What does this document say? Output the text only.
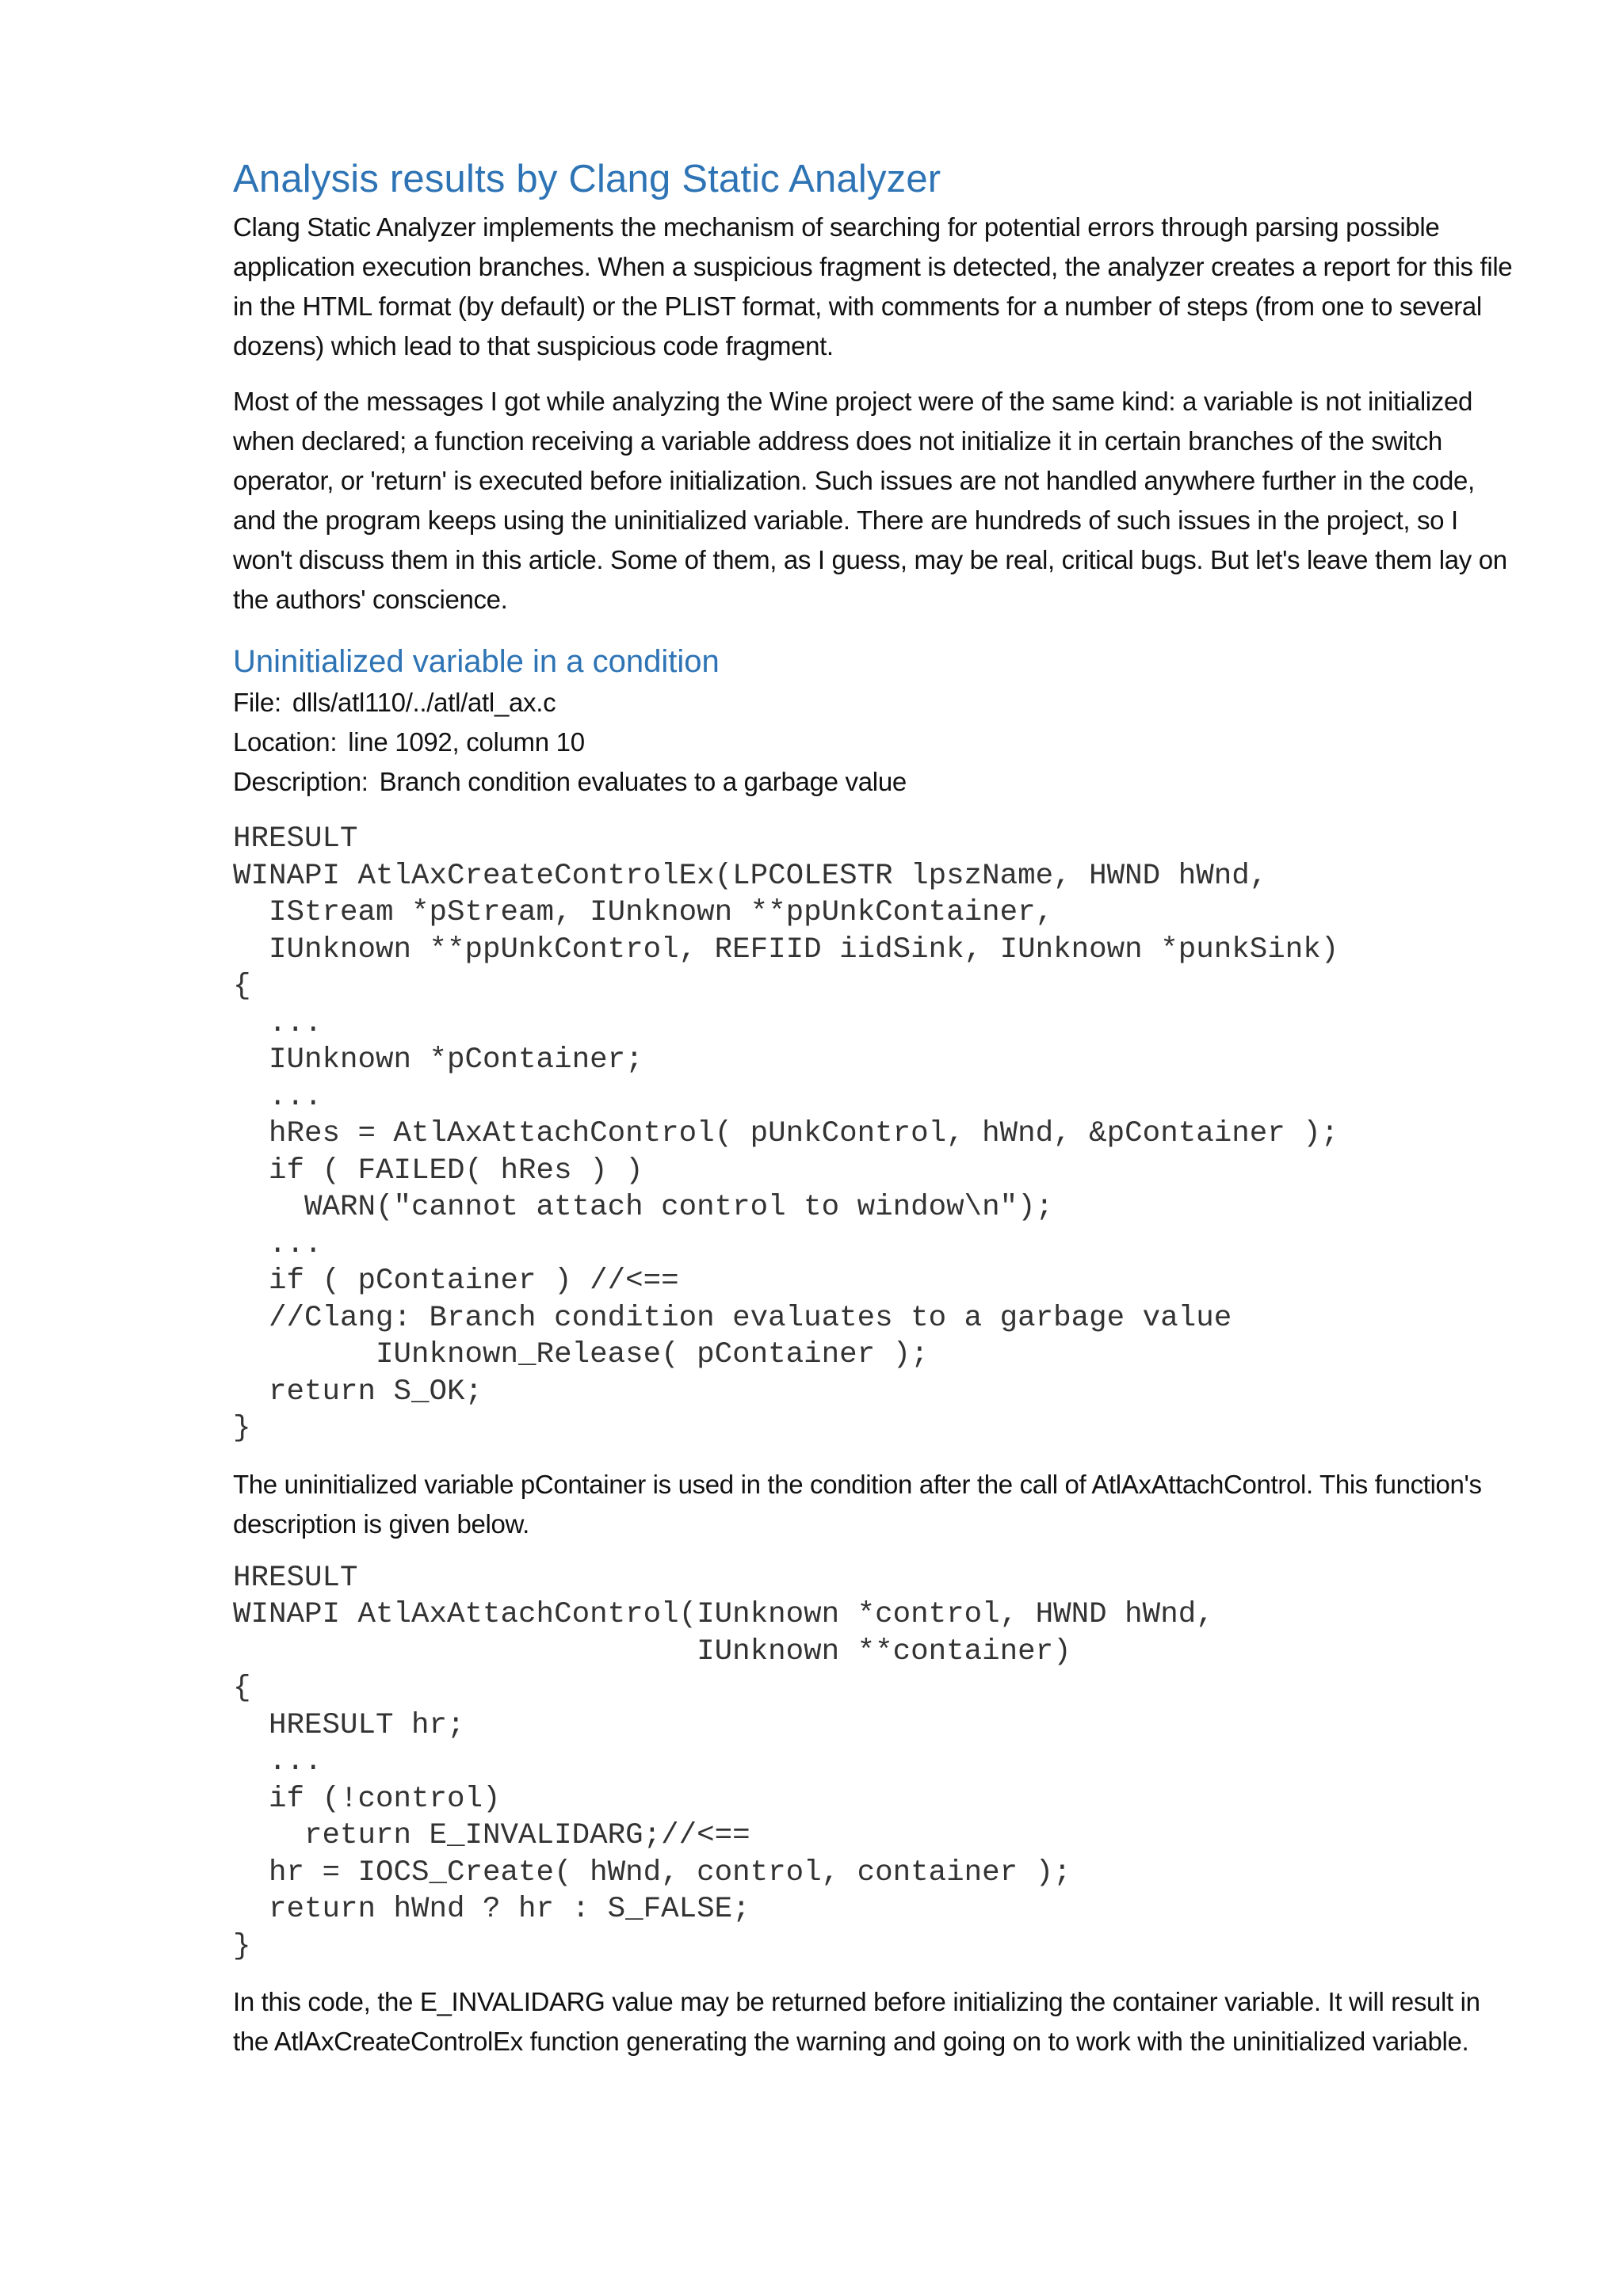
Analysis results by Clang Static Analyzer

Clang Static Analyzer implements the mechanism of searching for potential errors through parsing possible application execution branches. When a suspicious fragment is detected, the analyzer creates a report for this file in the HTML format (by default) or the PLIST format, with comments for a number of steps (from one to several dozens) which lead to that suspicious code fragment.

Most of the messages I got while analyzing the Wine project were of the same kind: a variable is not initialized when declared; a function receiving a variable address does not initialize it in certain branches of the switch operator, or 'return' is executed before initialization. Such issues are not handled anywhere further in the code, and the program keeps using the uninitialized variable. There are hundreds of such issues in the project, so I won't discuss them in this article. Some of them, as I guess, may be real, critical bugs. But let's leave them lay on the authors' conscience.

Uninitialized variable in a condition
File: dlls/atl110/../atl/atl_ax.c
Location: line 1092, column 10
Description: Branch condition evaluates to a garbage value
HRESULT
WINAPI AtlAxCreateControlEx(LPCOLESTR lpszName, HWND hWnd,
IStream *pStream, IUnknown **ppUnkContainer,
IUnknown **ppUnkControl, REFIID iidSink, IUnknown *punkSink)
{
...
IUnknown *pContainer;
...
hRes = AtlAxAttachControl( pUnkControl, hWnd, &pContainer );
if ( FAILED( hRes ) )
WARN("cannot attach control to window\n");
...
if ( pContainer ) //<==
//Clang: Branch condition evaluates to a garbage value
IUnknown_Release( pContainer );
return S_OK;
}

The uninitialized variable pContainer is used in the condition after the call of AtlAxAttachControl. This function's description is given below.

HRESULT
WINAPI AtlAxAttachControl(IUnknown *control, HWND hWnd,
IUnknown **container)
{
HRESULT hr;
...
if (!control)
return E_INVALIDARG;//<==
hr = IOCS_Create( hWnd, control, container );
return hWnd ? hr : S_FALSE;
}

In this code, the E_INVALIDARG value may be returned before initializing the container variable. It will result in the AtlAxCreateControlEx function generating the warning and going on to work with the uninitialized variable.
